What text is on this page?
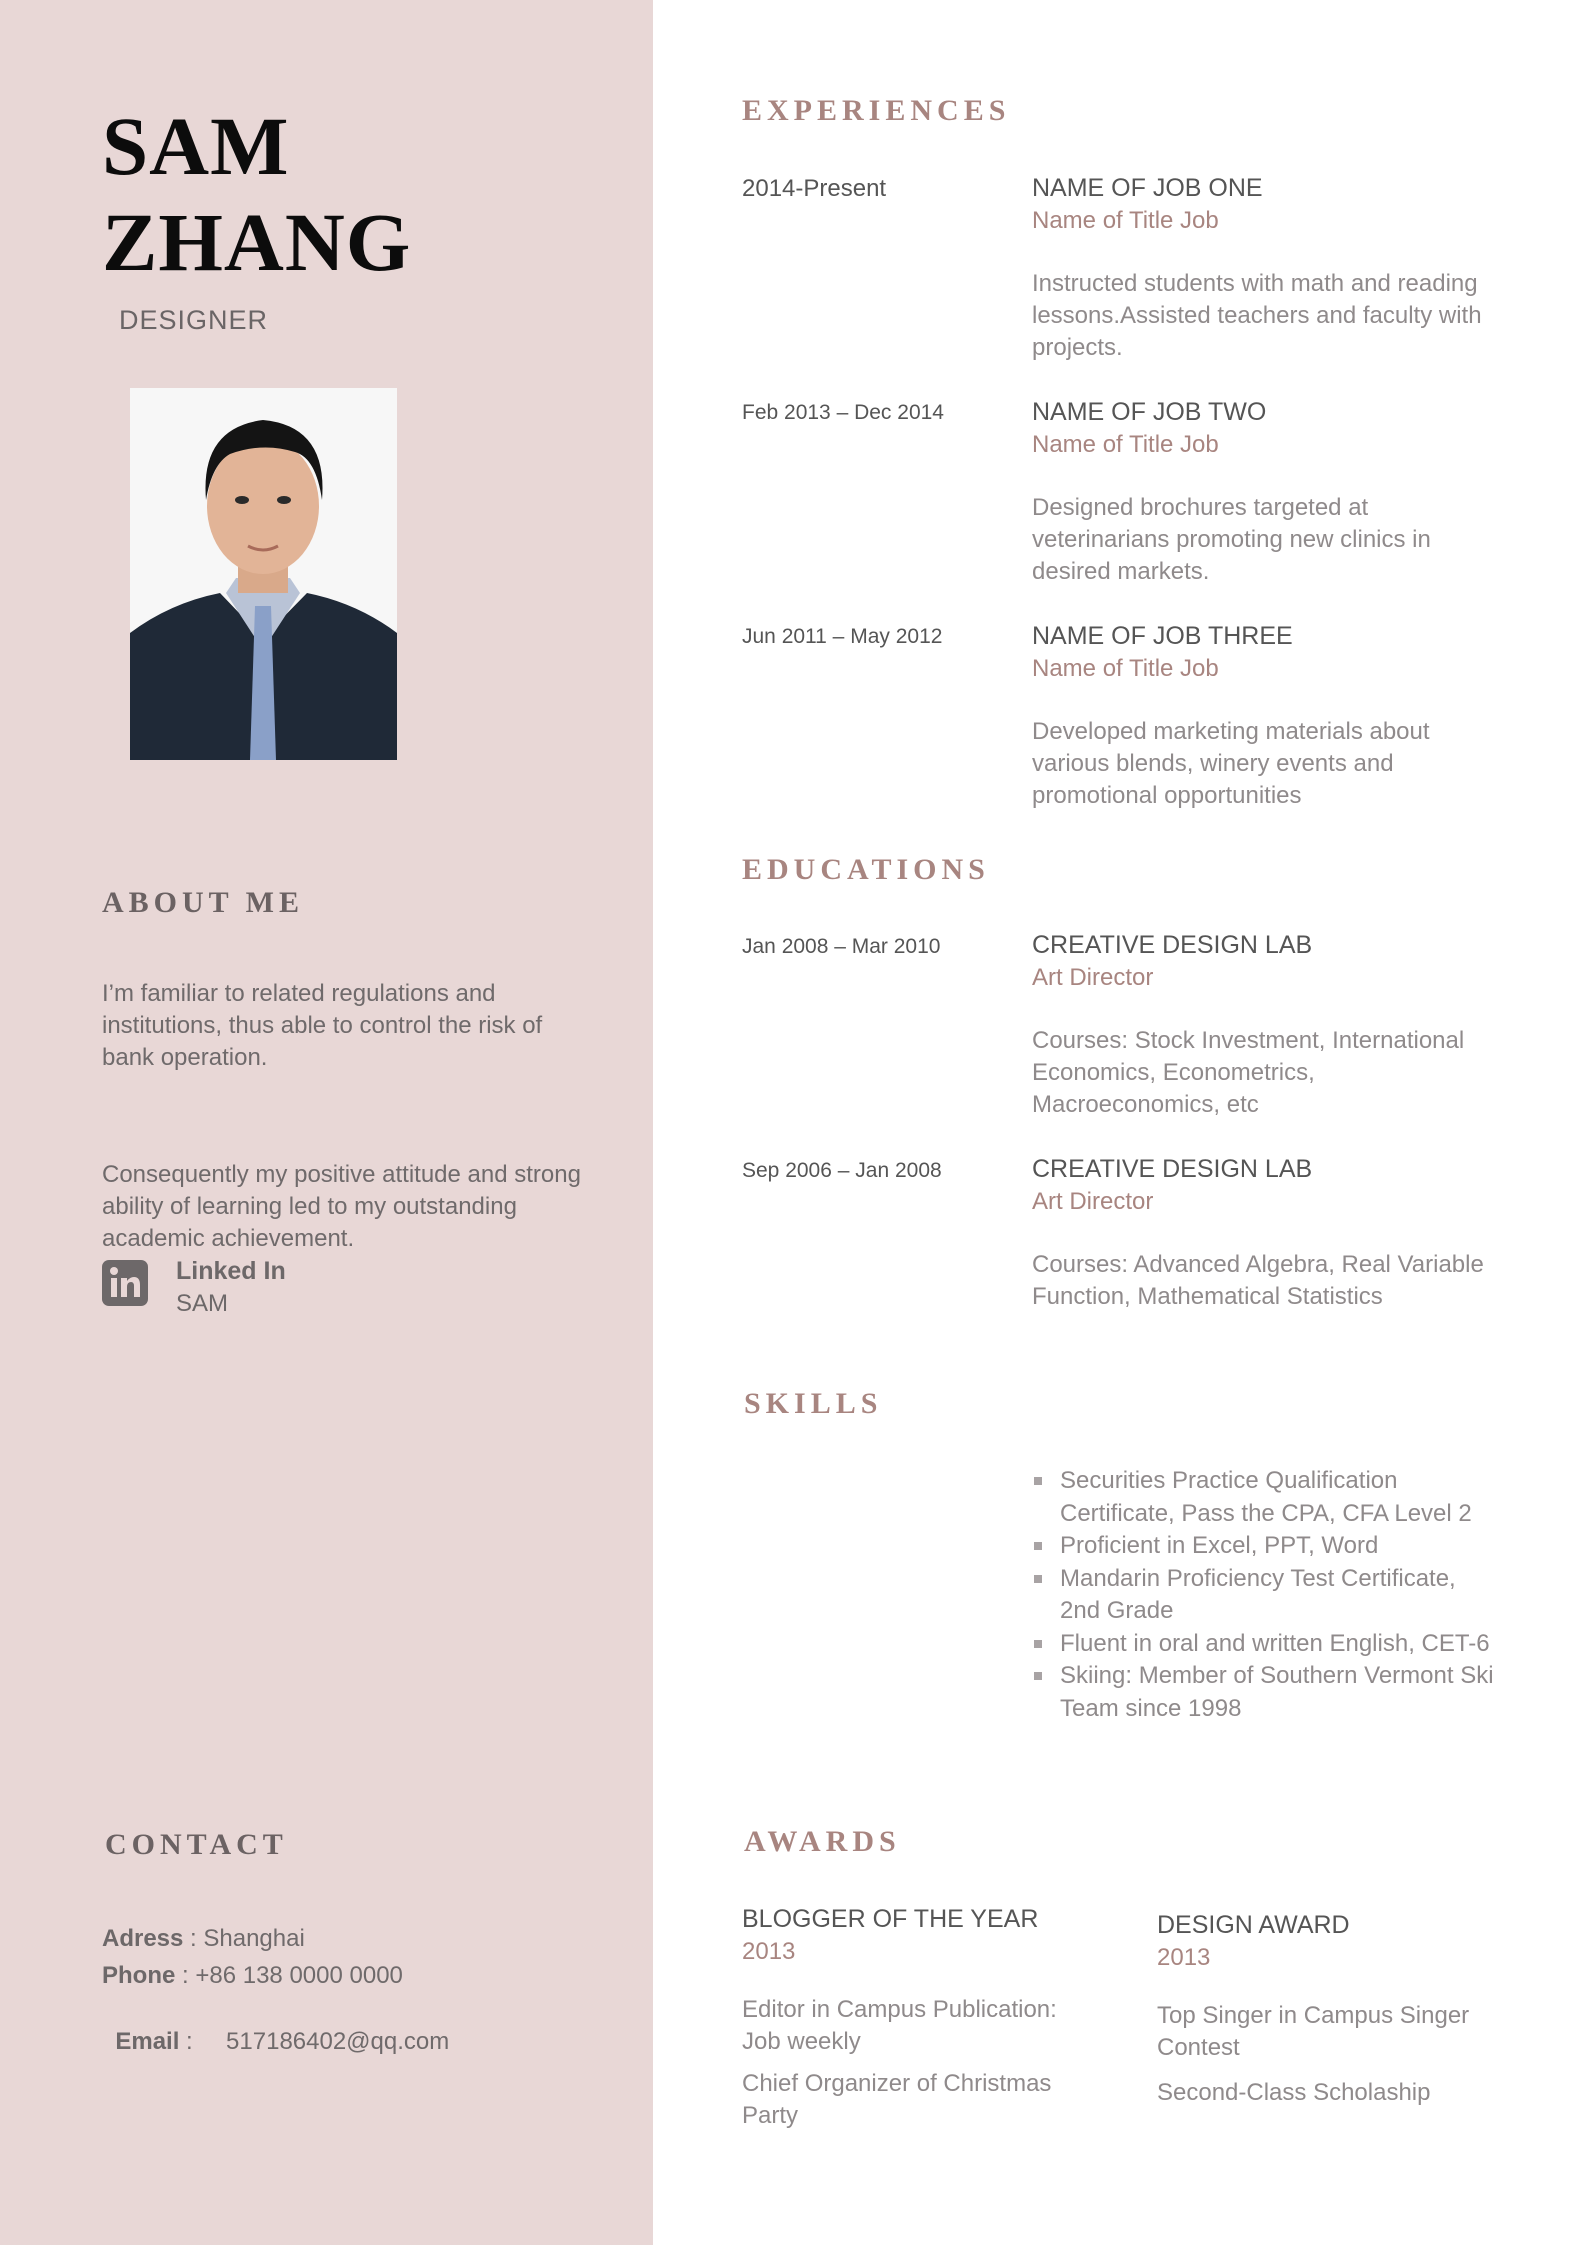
SAM
ZHANG
DESIGNER
ABOUT ME
I’m familiar to related regulations and institutions, thus able to control the risk of bank operation.
Consequently my positive attitude and strong ability of learning led to my outstanding academic achievement.
Linked In
SAM
CONTACT
Adress : Shanghai
Phone : +86 138 0000 0000

Email :     517186402@qq.com

EXPERIENCES
2014-Present	NAME OF JOB ONE
Name of Title Job
Instructed students with math and reading lessons.Assisted teachers and faculty with projects.
Feb 2013 – Dec 2014	NAME OF JOB TWO
Name of Title Job
Designed brochures targeted at veterinarians promoting new clinics in desired markets.
Jun 2011 – May 2012	NAME OF JOB THREE
Name of Title Job
Developed marketing materials about various blends, winery events and promotional opportunities
EDUCATIONS
Jan 2008 – Mar 2010	CREATIVE DESIGN LAB
Art Director
Courses: Stock Investment, International Economics, Econometrics, Macroeconomics, etc
Sep 2006 – Jan 2008	CREATIVE DESIGN LAB
Art Director
Courses: Advanced Algebra, Real Variable Function, Mathematical Statistics
SKILLS
Securities Practice Qualification Certificate, Pass the CPA, CFA Level 2
Proficient in Excel, PPT, Word
Mandarin Proficiency Test Certificate, 2nd Grade
Fluent in oral and written English, CET-6
Skiing: Member of Southern Vermont Ski Team since 1998
AWARDS
BLOGGER OF THE YEAR
2013
Editor in Campus Publication: Job weekly
Chief Organizer of Christmas Party
DESIGN AWARD
2013
Top Singer in Campus Singer Contest
Second-Class Scholaship
